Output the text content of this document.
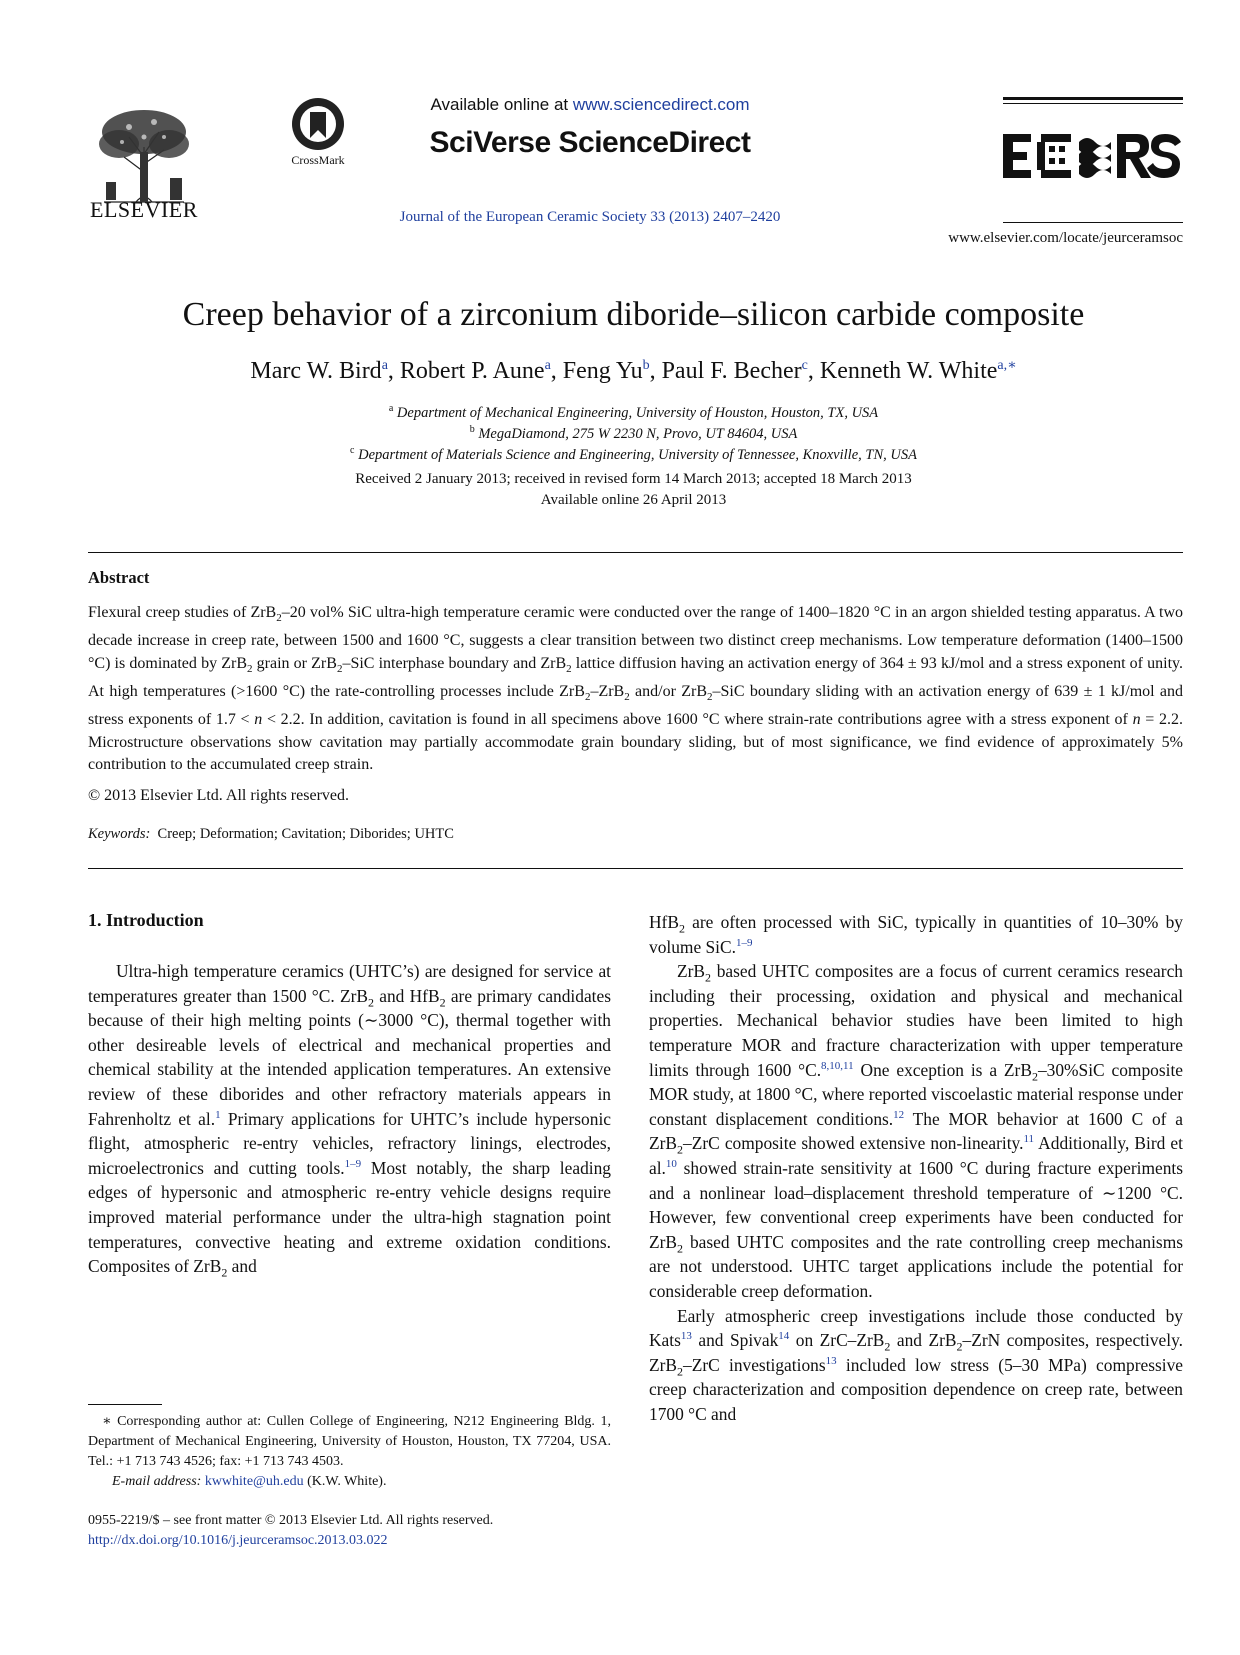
ELSEVIER
CrossMark
Available online at www.sciencedirect.com
SciVerse ScienceDirect
Journal of the European Ceramic Society 33 (2013) 2407–2420
www.elsevier.com/locate/jeurceramsoc
Creep behavior of a zirconium diboride–silicon carbide composite
Marc W. Bird$^a$, Robert P. Aune$^a$, Feng Yu$^b$, Paul F. Becher$^c$, Kenneth W. White$^{a,∗}$
$^a$ Department of Mechanical Engineering, University of Houston, Houston, TX, USA
$^b$ MegaDiamond, 275 W 2230 N, Provo, UT 84604, USA
$^c$ Department of Materials Science and Engineering, University of Tennessee, Knoxville, TN, USA
Received 2 January 2013; received in revised form 14 March 2013; accepted 18 March 2013
Available online 26 April 2013
Abstract
Flexural creep studies of ZrB$_2$–20 vol% SiC ultra-high temperature ceramic were conducted over the range of 1400–1820 °C in an argon shielded testing apparatus. A two decade increase in creep rate, between 1500 and 1600 °C, suggests a clear transition between two distinct creep mechanisms. Low temperature deformation (1400–1500 °C) is dominated by ZrB$_2$ grain or ZrB$_2$–SiC interphase boundary and ZrB$_2$ lattice diffusion having an activation energy of 364 ± 93 kJ/mol and a stress exponent of unity. At high temperatures (>1600 °C) the rate-controlling processes include ZrB$_2$–ZrB$_2$ and/or ZrB$_2$–SiC boundary sliding with an activation energy of 639 ± 1 kJ/mol and stress exponents of 1.7 < n < 2.2. In addition, cavitation is found in all specimens above 1600 °C where strain-rate contributions agree with a stress exponent of n = 2.2. Microstructure observations show cavitation may partially accommodate grain boundary sliding, but of most significance, we find evidence of approximately 5% contribution to the accumulated creep strain.
© 2013 Elsevier Ltd. All rights reserved.
Keywords: Creep; Deformation; Cavitation; Diborides; UHTC
1. Introduction

Ultra-high temperature ceramics (UHTC’s) are designed for service at temperatures greater than 1500 °C. ZrB$_2$ and HfB$_2$ are primary candidates because of their high melting points (∼3000 °C), thermal together with other desireable levels of electrical and mechanical properties and chemical stability at the intended application temperatures. An extensive review of these diborides and other refractory materials appears in Fahrenholtz et al.$^1$ Primary applications for UHTC’s include hypersonic flight, atmospheric re-entry vehicles, refractory linings, electrodes, microelectronics and cutting tools.$^{1-9}$ Most notably, the sharp leading edges of hypersonic and atmospheric re-entry vehicle designs require improved material performance under the ultra-high stagnation point temperatures, convective heating and extreme oxidation conditions. Composites of ZrB$_2$ and

HfB$_2$ are often processed with SiC, typically in quantities of 10–30% by volume SiC.$^{1-9}$

ZrB$_2$ based UHTC composites are a focus of current ceramics research including their processing, oxidation and physical and mechanical properties. Mechanical behavior studies have been limited to high temperature MOR and fracture characterization with upper temperature limits through 1600 °C.$^{8,10,11}$ One exception is a ZrB$_2$–30%SiC composite MOR study, at 1800 °C, where reported viscoelastic material response under constant displacement conditions.$^{12}$ The MOR behavior at 1600 C of a ZrB$_2$–ZrC composite showed extensive non-linearity.$^{11}$ Additionally, Bird et al.$^{10}$ showed strain-rate sensitivity at 1600 °C during fracture experiments and a nonlinear load–displacement threshold temperature of ∼1200 °C. However, few conventional creep experiments have been conducted for ZrB$_2$ based UHTC composites and the rate controlling creep mechanisms are not understood. UHTC target applications include the potential for considerable creep deformation.

Early atmospheric creep investigations include those conducted by Kats$^{13}$ and Spivak$^{14}$ on ZrC–ZrB$_2$ and ZrB$_2$–ZrN composites, respectively. ZrB$_2$–ZrC investigations$^{13}$ included low stress (5–30 MPa) compressive creep characterization and composition dependence on creep rate, between 1700 °C and

∗ Corresponding author at: Cullen College of Engineering, N212 Engineering Bldg. 1, Department of Mechanical Engineering, University of Houston, Houston, TX 77204, USA. Tel.: +1 713 743 4526; fax: +1 713 743 4503.
E-mail address: kwwhite@uh.edu (K.W. White).
0955-2219/$ – see front matter © 2013 Elsevier Ltd. All rights reserved.
http://dx.doi.org/10.1016/j.jeurceramsoc.2013.03.022
